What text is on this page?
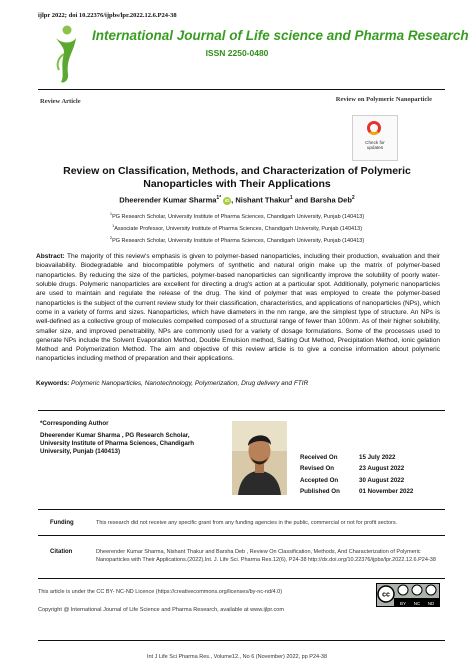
ijlpr 2022; doi 10.22376/ijpbs/lpr.2022.12.6.P24-38
International Journal of Life science and Pharma Research
ISSN 2250-0480
Review Article	Review on Polymeric Nanoparticle
Check for
updates
Review on Classification, Methods, and Characterization of Polymeric Nanoparticles with Their Applications
Dheerender Kumar Sharma$^{1*}$ iD , Nishant Thakur$^1$ and Barsha Deb$^2$
$^1$PG Research Scholar, University Institute of Pharma Sciences, Chandigarh University, Punjab (140413)
$^1$Associate Professor, University Institute of Pharma Sciences, Chandigarh University, Punjab (140413)
$^2$PG Research Scholar, University Institute of Pharma Sciences, Chandigarh University, Punjab (140413)
Abstract: The majority of this review's emphasis is given to polymer-based nanoparticles, including their production, evaluation and their bioavailability. Biodegradable and biocompatible polymers of synthetic and natural origin make up the matrix of polymer-based nanoparticles. By reducing the size of the particles, polymer-based nanoparticles can significantly improve the solubility of poorly water-soluble drugs. Polymeric nanoparticles are excellent for directing a drug's action at a particular spot. Additionally, polymeric nanoparticles are used to maintain and regulate the release of the drug. The kind of polymer that was employed to create the polymer-based nanoparticles is the subject of the current review study for their classification, characteristics, and applications of nanoparticles (NPs), which come in a variety of forms and sizes. Nanoparticles, which have diameters in the nm range, are the simplest type of structure. An NPs is well-defined as a collective group of molecules compelled composed of a structural range of fewer than 100nm. As of their higher solubility, smaller size, and improved penetrability, NPs are commonly used for a variety of dosage formulations. Some of the processes used to generate NPs include the Solvent Evaporation Method, Double Emulsion method, Salting Out Method, Precipitation Method, ionic gelation Method and Polymerization Method. The aim and objective of this review article is to give a concise information about polymeric nanoparticles including method of preparation and their applications.
Keywords: Polymeric Nanoparticles, Nanotechnology, Polymerization, Drug delivery and FTIR
*Corresponding Author
Dheerender Kumar Sharma , PG Research Scholar,
University Institute of Pharma Sciences, Chandigarh
University, Punjab (140413)
Received On	15 July 2022
Revised On	23 August 2022
Accepted On	30 August 2022
Published On	01 November 2022
Funding	This research did not receive any specific grant from any funding agencies in the public, commercial or not for profit sectors.
Citation	Dheerender Kumar Sharma, Nishant Thakur and Barsha Deb , Review On Classification, Methods, And Characterization of Polymeric Nanoparticles with Their Applications.(2022).Int. J. Life Sci. Pharma Res.12(6), P24-38 http://dx.doi.org/10.22376/ijpbs/lpr.2022.12.6.P24-38
This article is under the CC BY- NC-ND Licence (https://creativecommons.org/licenses/by-nc-nd/4.0)	cc
BY NC ND
Copyright @ International Journal of Life Science and Pharma Research, available at www.ijlpr.com
Int J Life Sci Pharma Res., Volume12., No 6 (November) 2022, pp P24-38
